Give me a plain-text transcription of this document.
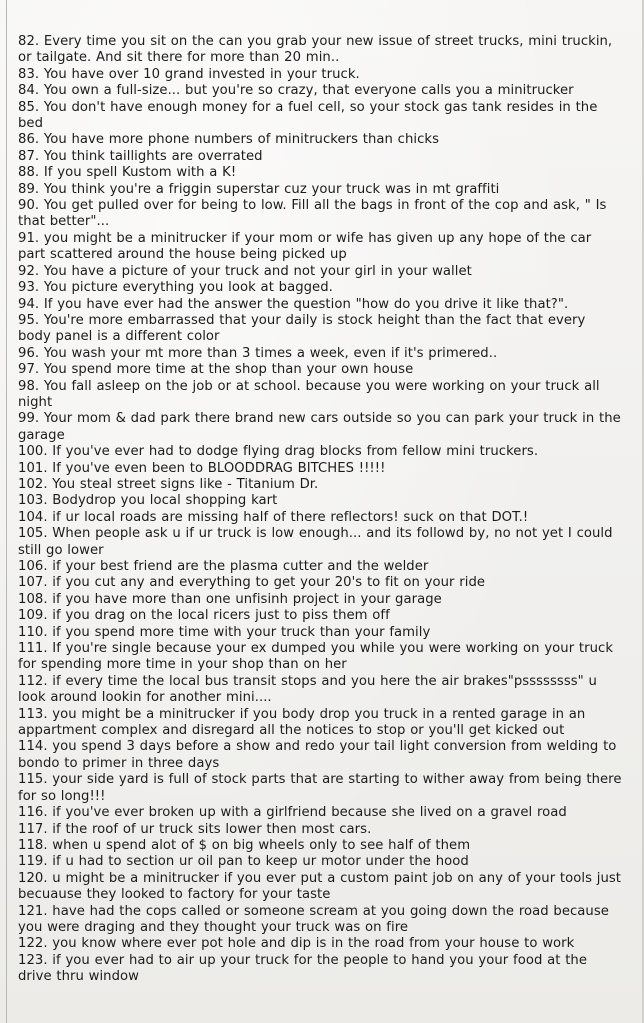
82. Every time you sit on the can you grab your new issue of street trucks, mini truckin, or tailgate. And sit there for more than 20 min..

83. You have over 10 grand invested in your truck.

84. You own a full-size... but you're so crazy, that everyone calls you a minitrucker

85. You don't have enough money for a fuel cell, so your stock gas tank resides in the bed

86. You have more phone numbers of minitruckers than chicks

87. You think taillights are overrated

88. If you spell Kustom with a K!

89. You think you're a friggin superstar cuz your truck was in mt graffiti

90. You get pulled over for being to low. Fill all the bags in front of the cop and ask, " Is that better"...

91. you might be a minitrucker if your mom or wife has given up any hope of the car part scattered around the house being picked up

92. You have a picture of your truck and not your girl in your wallet

93. You picture everything you look at bagged.

94. If you have ever had the answer the question "how do you drive it like that?".

95. You're more embarrassed that your daily is stock height than the fact that every body panel is a different color

96. You wash your mt more than 3 times a week, even if it's primered..

97. You spend more time at the shop than your own house

98. You fall asleep on the job or at school. because you were working on your truck all night

99. Your mom & dad park there brand new cars outside so you can park your truck in the garage

100. If you've ever had to dodge flying drag blocks from fellow mini truckers.

101. If you've even been to BLOODDRAG BITCHES !!!!!

102. You steal street signs like - Titanium Dr.

103. Bodydrop you local shopping kart

104. if ur local roads are missing half of there reflectors! suck on that DOT.!

105. When people ask u if ur truck is low enough... and its followd by, no not yet I could still go lower

106. if your best friend are the plasma cutter and the welder

107. if you cut any and everything to get your 20's to fit on your ride

108. if you have more than one unfisinh project in your garage

109. if you drag on the local ricers just to piss them off

110. if you spend more time with your truck than your family

111. If you're single because your ex dumped you while you were working on your truck for spending more time in your shop than on her

112. if every time the local bus transit stops and you here the air brakes"pssssssss" u look around lookin for another mini....

113. you might be a minitrucker if you body drop you truck in a rented garage in an appartment complex and disregard all the notices to stop or you'll get kicked out

114. you spend 3 days before a show and redo your tail light conversion from welding to bondo to primer in three days

115. your side yard is full of stock parts that are starting to wither away from being there for so long!!!

116. if you've ever broken up with a girlfriend because she lived on a gravel road

117. if the roof of ur truck sits lower then most cars.

118. when u spend alot of $ on big wheels only to see half of them

119. if u had to section ur oil pan to keep ur motor under the hood

120. u might be a minitrucker if you ever put a custom paint job on any of your tools just becuause they looked to factory for your taste

121. have had the cops called or someone scream at you going down the road because you were draging and they thought your truck was on fire

122. you know where ever pot hole and dip is in the road from your house to work

123. if you ever had to air up your truck for the people to hand you your food at the drive thru window
